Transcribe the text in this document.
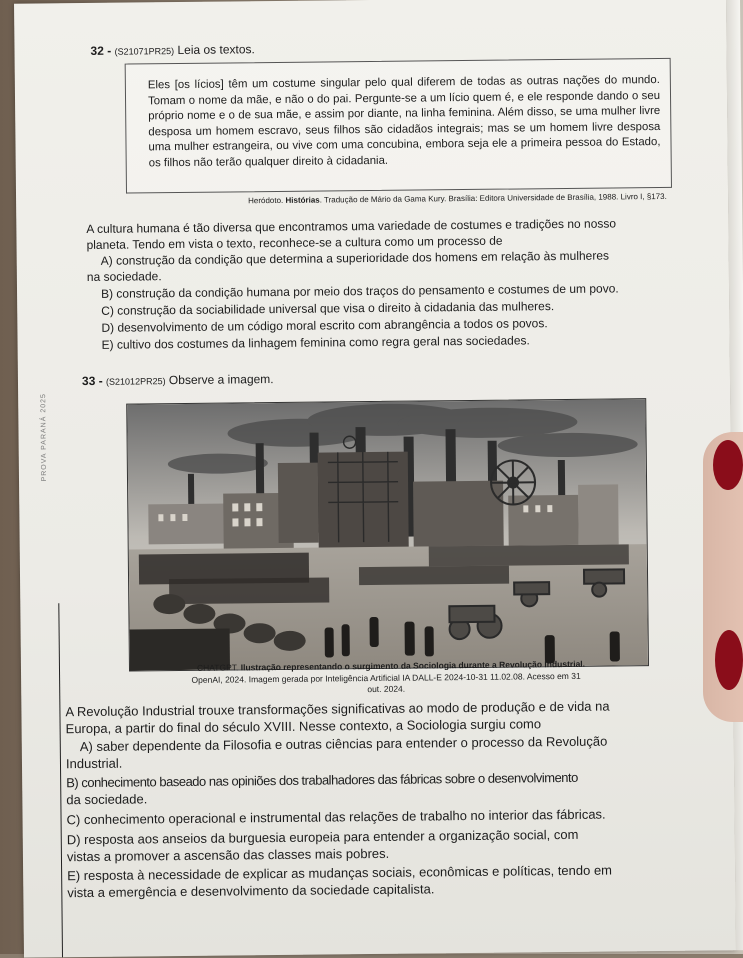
32 - (S21071PR25) Leia os textos.

Eles [os lícios] têm um costume singular pelo qual diferem de todas as outras nações do mundo. Tomam o nome da mãe, e não o do pai. Pergunte-se a um lício quem é, e ele responde dando o seu próprio nome e o de sua mãe, e assim por diante, na linha feminina. Além disso, se uma mulher livre desposa um homem escravo, seus filhos são cidadãos integrais; mas se um homem livre desposa uma mulher estrangeira, ou vive com uma concubina, embora seja ele a primeira pessoa do Estado, os filhos não terão qualquer direito à cidadania.

Heródoto. Histórias. Tradução de Mário da Gama Kury. Brasília: Editora Universidade de Brasília, 1988. Livro I, §173.
A cultura humana é tão diversa que encontramos uma variedade de costumes e tradições no nosso
planeta. Tendo em vista o texto, reconhece-se a cultura como um processo de
A) construção da condição que determina a superioridade dos homens em relação às mulheres
na sociedade.
B) construção da condição humana por meio dos traços do pensamento e costumes de um povo.
C) construção da sociabilidade universal que visa o direito à cidadania das mulheres.
D) desenvolvimento de um código moral escrito com abrangência a todos os povos.
E) cultivo dos costumes da linhagem feminina como regra geral nas sociedades.
33 - (S21012PR25) Observe a imagem.
CHATGPT. Ilustração representando o surgimento da Sociologia durante a Revolução Industrial.
OpenAI, 2024. Imagem gerada por Inteligência Artificial IA DALL-E 2024-10-31 11.02.08. Acesso em 31
out. 2024.
A Revolução Industrial trouxe transformações significativas ao modo de produção e de vida na
Europa, a partir do final do século XVIII. Nesse contexto, a Sociologia surgiu como
A) saber dependente da Filosofia e outras ciências para entender o processo da Revolução
Industrial.
B) conhecimento baseado nas opiniões dos trabalhadores das fábricas sobre o desenvolvimento
da sociedade.
C) conhecimento operacional e instrumental das relações de trabalho no interior das fábricas.
D) resposta aos anseios da burguesia europeia para entender a organização social, com
vistas a promover a ascensão das classes mais pobres.
E) resposta à necessidade de explicar as mudanças sociais, econômicas e políticas, tendo em
vista a emergência e desenvolvimento da sociedade capitalista.
PROVA PARANÁ 2025
